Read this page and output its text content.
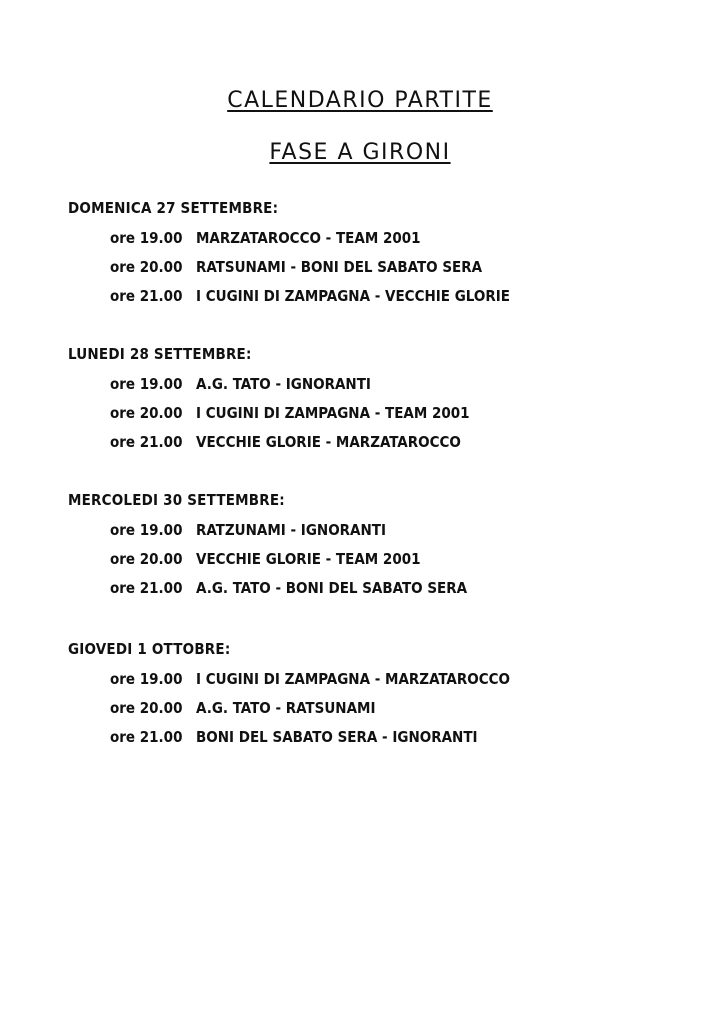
CALENDARIO PARTITE
FASE A GIRONI
DOMENICA 27 SETTEMBRE:
ore 19.00 MARZATAROCCO - TEAM 2001
ore 20.00 RATSUNAMI - BONI DEL SABATO SERA
ore 21.00 I CUGINI DI ZAMPAGNA - VECCHIE GLORIE
LUNEDI 28 SETTEMBRE:
ore 19.00 A.G. TATO - IGNORANTI
ore 20.00 I CUGINI DI ZAMPAGNA - TEAM 2001
ore 21.00 VECCHIE GLORIE - MARZATAROCCO
MERCOLEDI 30 SETTEMBRE:
ore 19.00 RATZUNAMI - IGNORANTI
ore 20.00 VECCHIE GLORIE - TEAM 2001
ore 21.00 A.G. TATO - BONI DEL SABATO SERA
GIOVEDI 1 OTTOBRE:
ore 19.00 I CUGINI DI ZAMPAGNA - MARZATAROCCO
ore 20.00 A.G. TATO - RATSUNAMI
ore 21.00 BONI DEL SABATO SERA - IGNORANTI
